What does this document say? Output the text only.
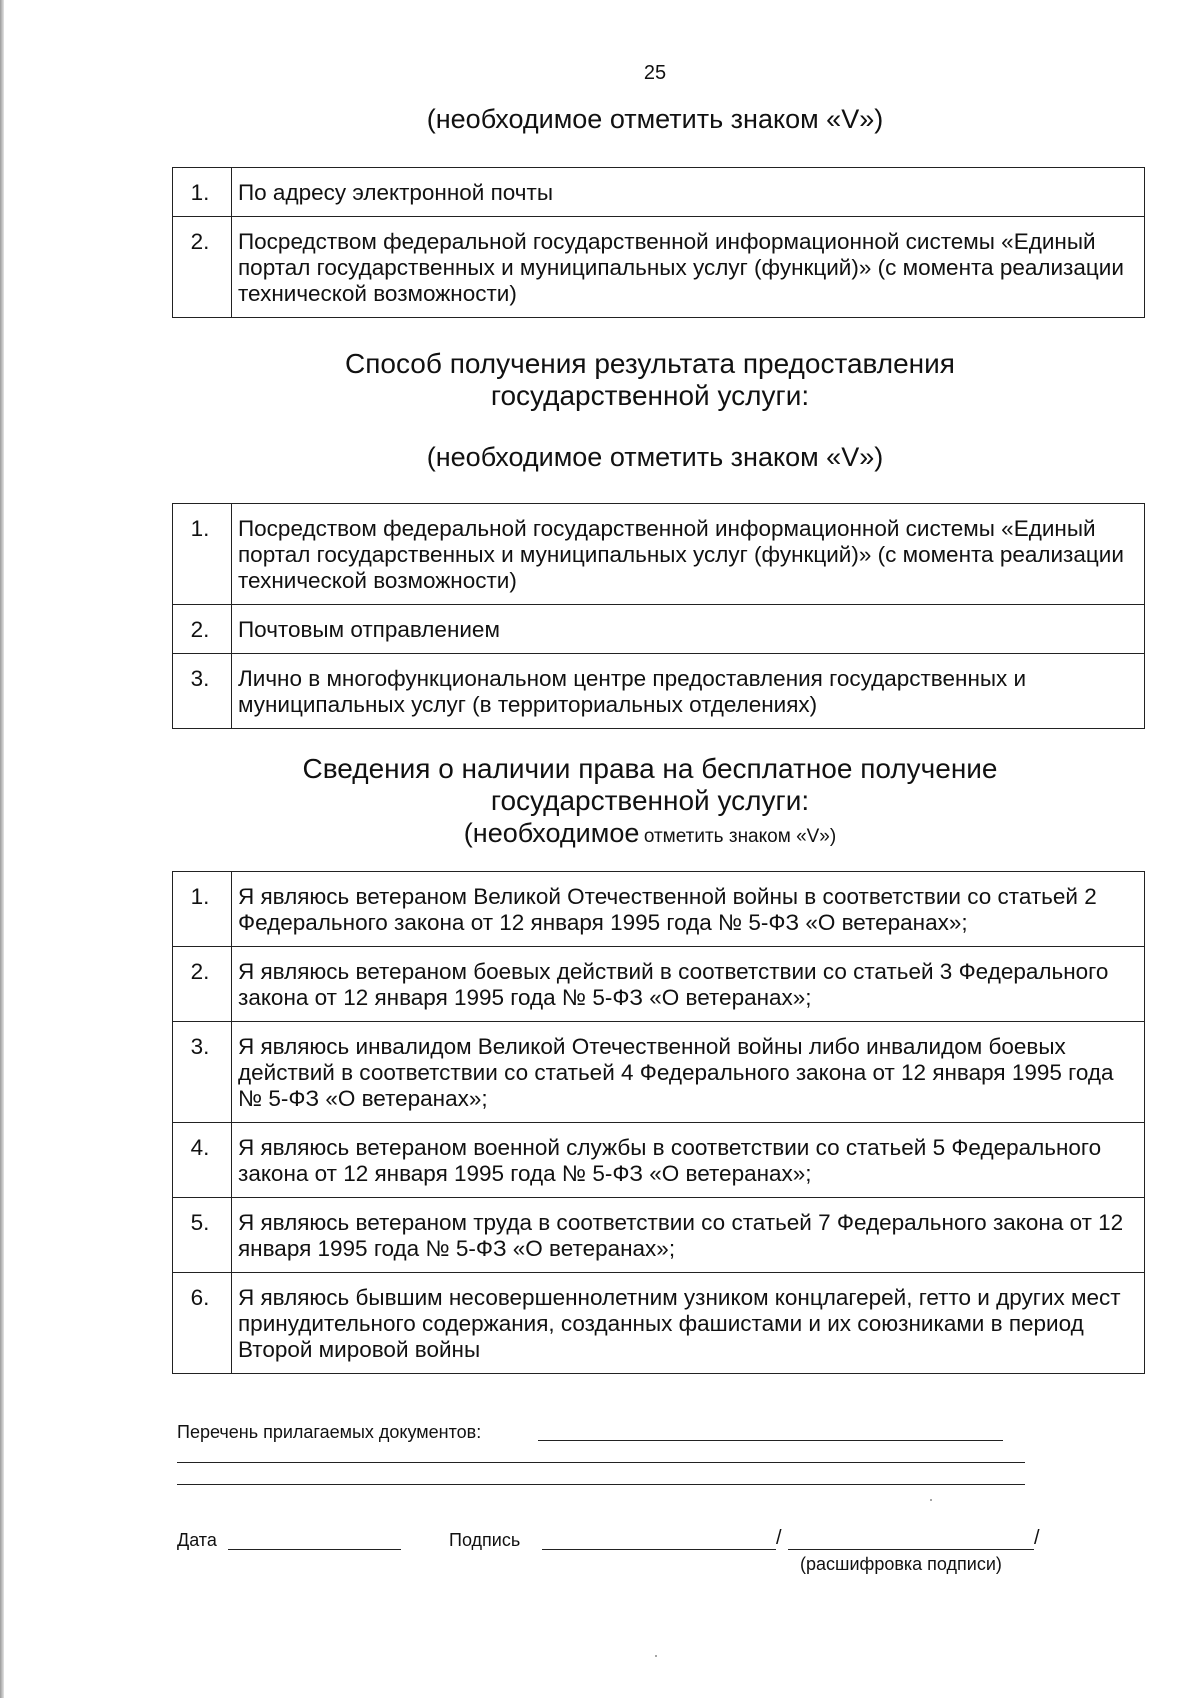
25
(необходимое отметить знаком «V»)
1.	По адресу электронной почты
2.	Посредством федеральной государственной информационной системы «Единый портал государственных и муниципальных услуг (функций)» (с момента реализации технической возможности)
Способ получения результата предоставления
государственной услуги:
(необходимое отметить знаком «V»)
1.	Посредством федеральной государственной информационной системы «Единый портал государственных и муниципальных услуг (функций)» (с момента реализации технической возможности)
2.	Почтовым отправлением
3.	Лично в многофункциональном центре предоставления государственных и муниципальных услуг (в территориальных отделениях)
Сведения о наличии права на бесплатное получение
государственной услуги:
(необходимое отметить знаком «V»)
1.	Я являюсь ветераном Великой Отечественной войны в соответствии со статьей 2 Федерального закона от 12 января 1995 года № 5-ФЗ «О ветеранах»;
2.	Я являюсь ветераном боевых действий в соответствии со статьей 3 Федерального закона от 12 января 1995 года № 5-ФЗ «О ветеранах»;
3.	Я являюсь инвалидом Великой Отечественной войны либо инвалидом боевых действий в соответствии со статьей 4 Федерального закона от 12 января 1995 года № 5-ФЗ «О ветеранах»;
4.	Я являюсь ветераном военной службы в соответствии со статьей 5 Федерального закона от 12 января 1995 года № 5-ФЗ «О ветеранах»;
5.	Я являюсь ветераном труда в соответствии со статьей 7 Федерального закона от 12 января 1995 года № 5-ФЗ «О ветеранах»;
6.	Я являюсь бывшим несовершеннолетним узником концлагерей, гетто и других мест принудительного содержания, созданных фашистами и их союзниками в период Второй мировой войны
Перечень прилагаемых документов:
Дата	Подпись	/	/
(расшифровка подписи)
